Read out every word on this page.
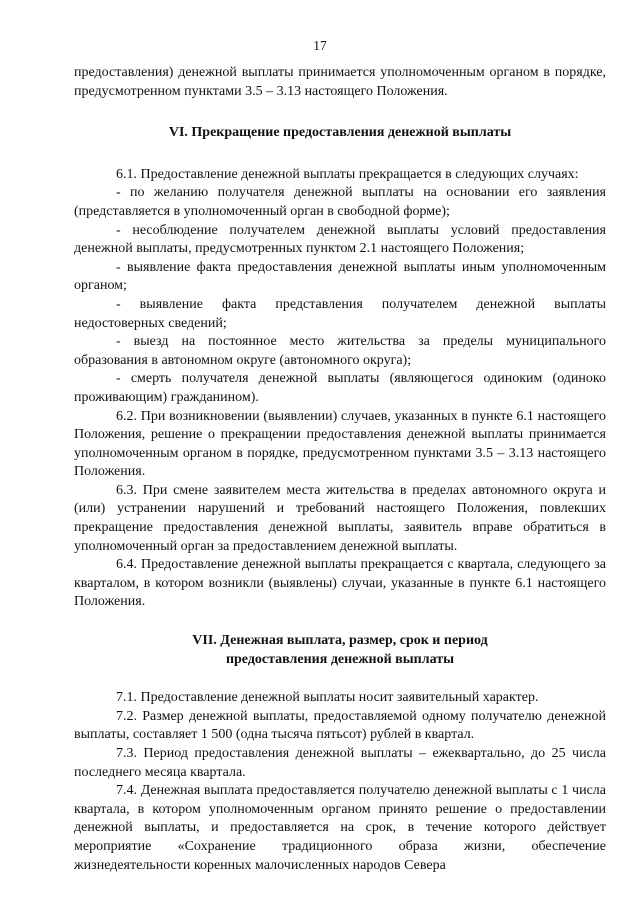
17

предоставления) денежной выплаты принимается уполномоченным органом в порядке, предусмотренном пунктами 3.5 – 3.13 настоящего Положения.

VI. Прекращение предоставления денежной выплаты

6.1. Предоставление денежной выплаты прекращается в следующих случаях:

- по желанию получателя денежной выплаты на основании его заявления (представляется в уполномоченный орган в свободной форме);

- несоблюдение получателем денежной выплаты условий предоставления денежной выплаты, предусмотренных пунктом 2.1 настоящего Положения;

- выявление факта предоставления денежной выплаты иным уполномоченным органом;

- выявление факта представления получателем денежной выплаты недостоверных сведений;

- выезд на постоянное место жительства за пределы муниципального образования в автономном округе (автономного округа);

- смерть получателя денежной выплаты (являющегося одиноким (одиноко проживающим) гражданином).

6.2. При возникновении (выявлении) случаев, указанных в пункте 6.1 настоящего Положения, решение о прекращении предоставления денежной выплаты принимается уполномоченным органом в порядке, предусмотренном пунктами 3.5 – 3.13 настоящего Положения.

6.3. При смене заявителем места жительства в пределах автономного округа и (или) устранении нарушений и требований настоящего Положения, повлекших прекращение предоставления денежной выплаты, заявитель вправе обратиться в уполномоченный орган за предоставлением денежной выплаты.

6.4. Предоставление денежной выплаты прекращается с квартала, следующего за кварталом, в котором возникли (выявлены) случаи, указанные в пункте 6.1 настоящего Положения.

VII. Денежная выплата, размер, срок и период

предоставления денежной выплаты

7.1. Предоставление денежной выплаты носит заявительный характер.

7.2. Размер денежной выплаты, предоставляемой одному получателю денежной выплаты, составляет 1 500 (одна тысяча пятьсот) рублей в квартал.

7.3. Период предоставления денежной выплаты – ежеквартально, до 25 числа последнего месяца квартала.

7.4. Денежная выплата предоставляется получателю денежной выплаты с 1 числа квартала, в котором уполномоченным органом принято решение о предоставлении денежной выплаты, и предоставляется на срок, в течение которого действует мероприятие «Сохранение традиционного образа жизни, обеспечение жизнедеятельности коренных малочисленных народов Севера
